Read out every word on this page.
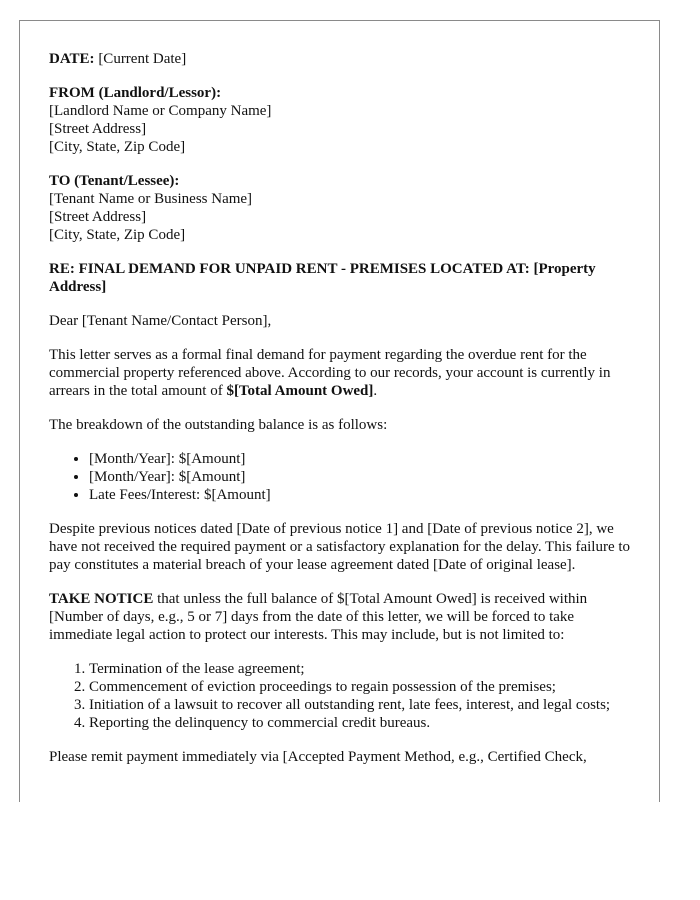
DATE: [Current Date]

FROM (Landlord/Lessor):
[Landlord Name or Company Name]
[Street Address]
[City, State, Zip Code]
TO (Tenant/Lessee):
[Tenant Name or Business Name]
[Street Address]
[City, State, Zip Code]

RE: FINAL DEMAND FOR UNPAID RENT - PREMISES LOCATED AT: [Property Address]

Dear [Tenant Name/Contact Person],

This letter serves as a formal final demand for payment regarding the overdue rent for the commercial property referenced above. According to our records, your account is currently in arrears in the total amount of $[Total Amount Owed].

The breakdown of the outstanding balance is as follows:

• [Month/Year]: $[Amount]
• [Month/Year]: $[Amount]
• Late Fees/Interest: $[Amount]

Despite previous notices dated [Date of previous notice 1] and [Date of previous notice 2], we have not received the required payment or a satisfactory explanation for the delay. This failure to pay constitutes a material breach of your lease agreement dated [Date of original lease].

TAKE NOTICE that unless the full balance of $[Total Amount Owed] is received within [Number of days, e.g., 5 or 7] days from the date of this letter, we will be forced to take immediate legal action to protect our interests. This may include, but is not limited to:

1. Termination of the lease agreement;
2. Commencement of eviction proceedings to regain possession of the premises;
3. Initiation of a lawsuit to recover all outstanding rent, late fees, interest, and legal costs;
4. Reporting the delinquency to commercial credit bureaus.

Please remit payment immediately via [Accepted Payment Method, e.g., Certified Check,
